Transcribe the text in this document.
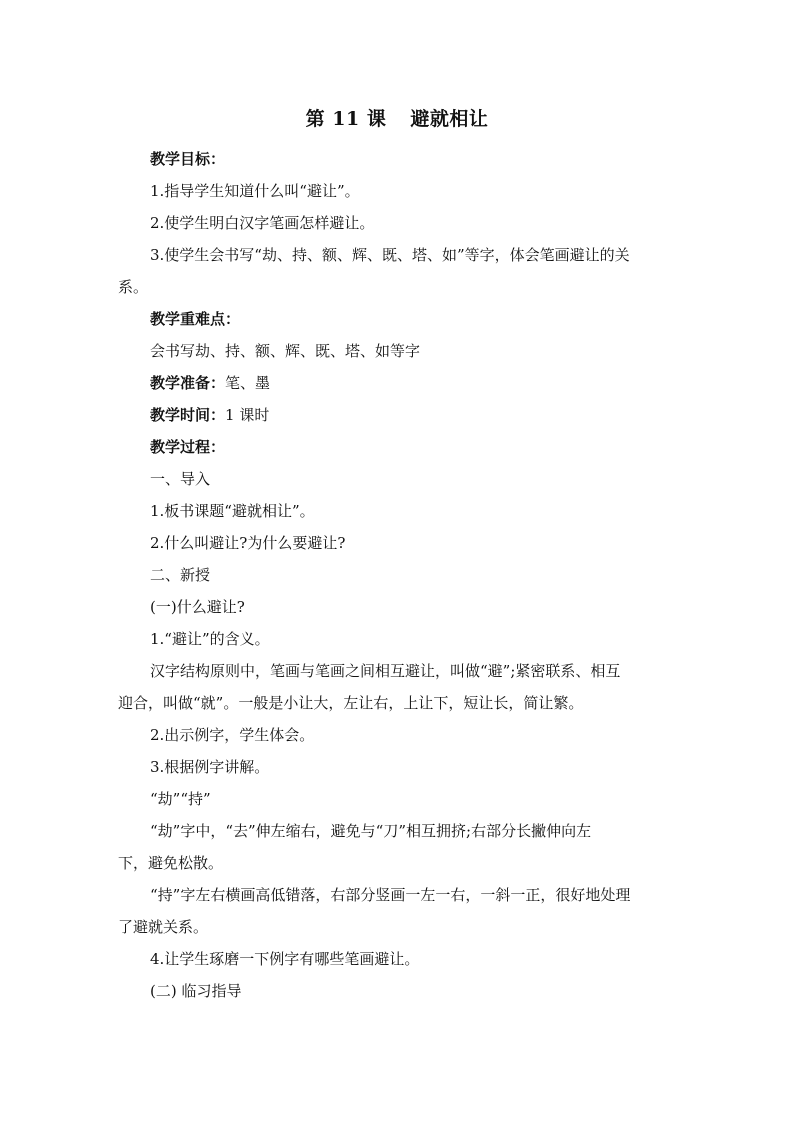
第 11 课 避就相让
教学目标：
1.指导学生知道什么叫“避让”。
2.使学生明白汉字笔画怎样避让。
3.使学生会书写“劫、持、额、辉、既、塔、如”等字，体会笔画避让的关
系。
教学重难点：
会书写劫、持、额、辉、既、塔、如等字
教学准备：笔、墨
教学时间：1 课时
教学过程：
一、导入
1.板书课题“避就相让”。
2.什么叫避让?为什么要避让?
二、新授
(一)什么避让?
1.“避让”的含义。
汉字结构原则中，笔画与笔画之间相互避让，叫做“避”;紧密联系、相互
迎合，叫做“就”。一般是小让大，左让右，上让下，短让长，简让繁。
2.出示例字，学生体会。
3.根据例字讲解。
“劫”“持”
“劫”字中，“去”伸左缩右，避免与“刀”相互拥挤;右部分长撇伸向左
下，避免松散。
“持”字左右横画高低错落，右部分竖画一左一右，一斜一正，很好地处理
了避就关系。
4.让学生琢磨一下例字有哪些笔画避让。
(二) 临习指导
